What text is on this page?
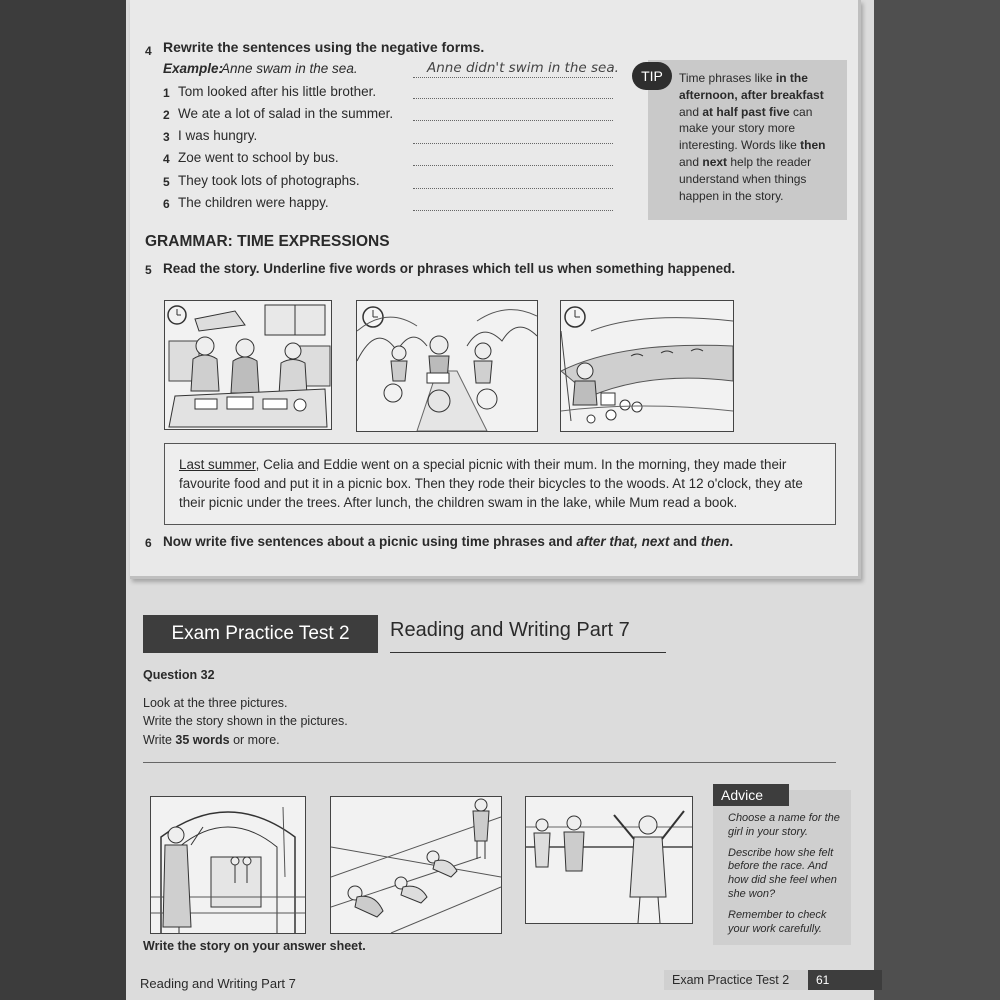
4 Rewrite the sentences using the negative forms.
Example:
Anne swam in the sea.	Anne didn't swim in the sea.
1 Tom looked after his little brother.
2 We ate a lot of salad in the summer.
3 I was hungry.
4 Zoe went to school by bus.
5 They took lots of photographs.
6 The children were happy.
TIP	Time phrases like in the afternoon, after breakfast and at half past five can make your story more interesting. Words like then and next help the reader understand when things happen in the story.
GRAMMAR: TIME EXPRESSIONS
5 Read the story. Underline five words or phrases which tell us when something happened.

Last summer, Celia and Eddie went on a special picnic with their mum. In the morning, they made their favourite food and put it in a picnic box. Then they rode their bicycles to the woods. At 12 o'clock, they ate their picnic under the trees. After lunch, the children swam in the lake, while Mum read a book.

6 Now write five sentences about a picnic using time phrases and after that, next and then.
Exam Practice Test 2	Reading and Writing Part 7
Question 32
Look at the three pictures.
Write the story shown in the pictures.
Write 35 words or more.
Advice
Choose a name for the girl in your story.
Describe how she felt before the race. And how did she feel when she won?
Remember to check your work carefully.
Write the story on your answer sheet.
Reading and Writing Part 7	Exam Practice Test 2	61
